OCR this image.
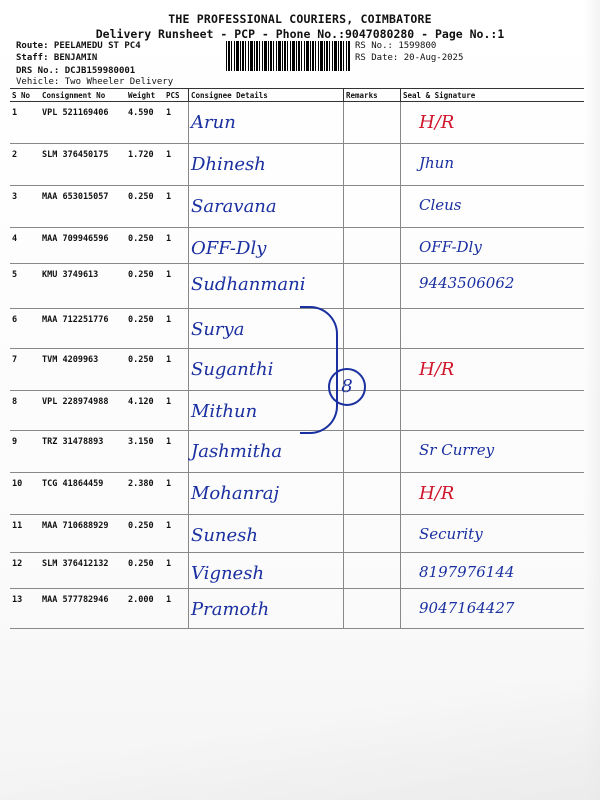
THE PROFESSIONAL COURIERS, COIMBATORE
Delivery Runsheet - PCP - Phone No.:9047080280 - Page No.:1
Route: PEELAMEDU ST PC4
Staff: BENJAMIN
DRS No.: DCJB159980001
Vehicle: Two Wheeler Delivery
RS No.: 1599800
RS Date: 20-Aug-2025
S No	Consignment No	Weight	PCS	Consignee Details	Remarks	Seal & Signature
1	VPL 521169406	4.590	1	Arun		H/R
2	SLM 376450175	1.720	1	Dhinesh		Jhun
3	MAA 653015057	0.250	1	Saravana		Cleus
4	MAA 709946596	0.250	1	OFF-Dly		OFF-Dly
5	KMU 3749613	0.250	1	Sudhanmani		9443506062
6	MAA 712251776	0.250	1	Surya		
7	TVM 4209963	0.250	1	Suganthi		H/R
8	VPL 228974988	4.120	1	Mithun		
9	TRZ 31478893	3.150	1	Jashmitha		Sr Currey
10	TCG 41864459	2.380	1	Mohanraj		H/R
11	MAA 710688929	0.250	1	Sunesh		Security
12	SLM 376412132	0.250	1	Vignesh		8197976144
13	MAA 577782946	2.000	1	Pramoth		9047164427
8
